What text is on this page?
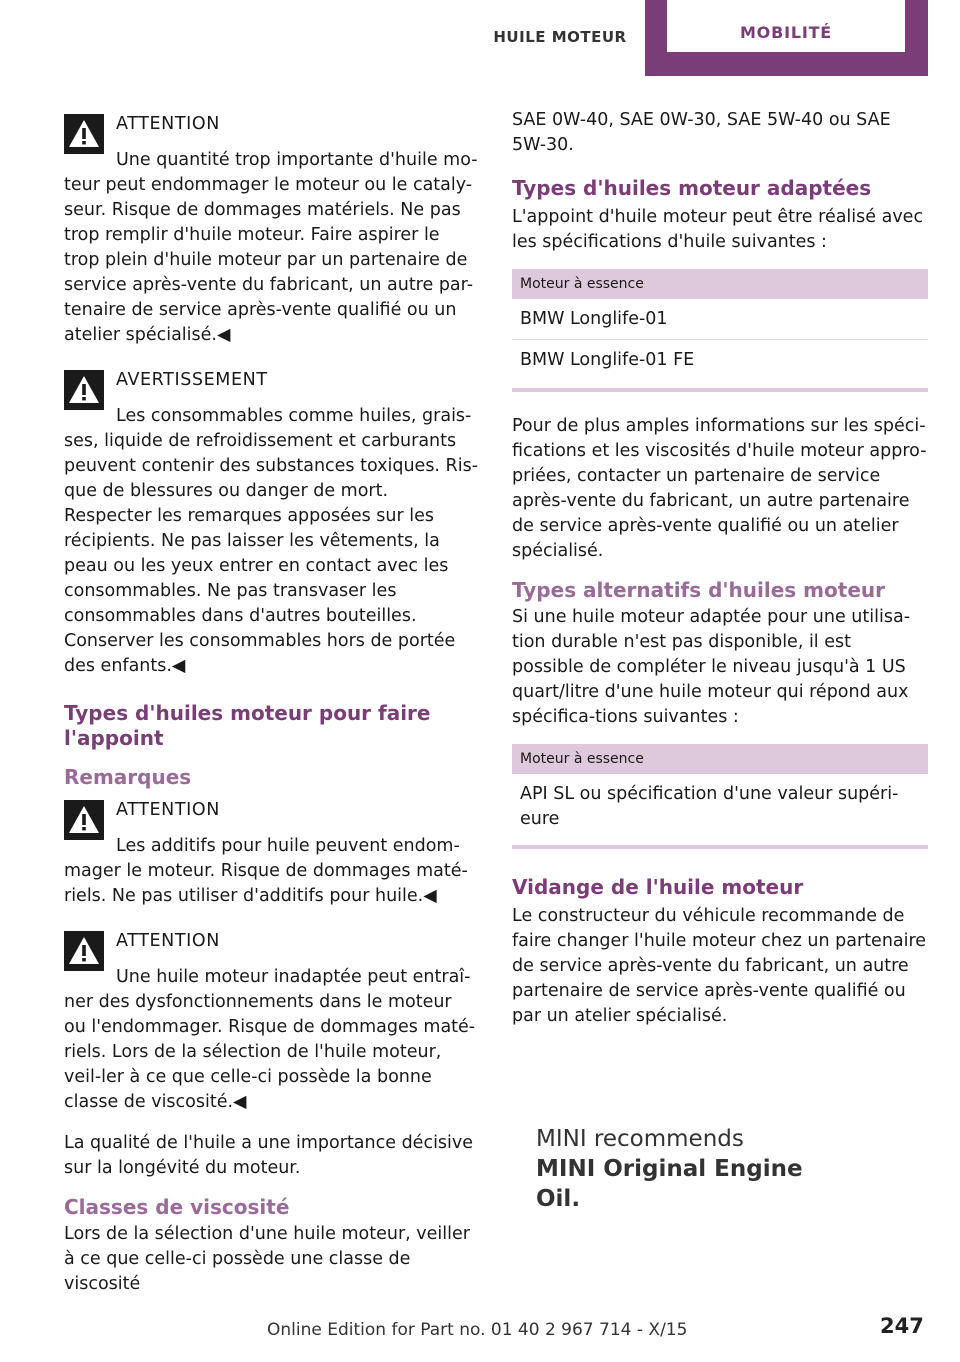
HUILE MOTEUR	MOBILITÉ
ATTENTION

Une quantité trop importante d'huile mo-

teur peut endommager le moteur ou le cataly-seur. Risque de dommages matériels. Ne pas trop remplir d'huile moteur. Faire aspirer le trop plein d'huile moteur par un partenaire de service après-vente du fabricant, un autre par-tenaire de service après-vente qualifié ou un atelier spécialisé.◀

AVERTISSEMENT

Les consommables comme huiles, grais-

ses, liquide de refroidissement et carburants peuvent contenir des substances toxiques. Ris-que de blessures ou danger de mort. Respecter les remarques apposées sur les récipients. Ne pas laisser les vêtements, la peau ou les yeux entrer en contact avec les consommables. Ne pas transvaser les consommables dans d'autres bouteilles. Conserver les consommables hors de portée des enfants.◀

Types d'huiles moteur pour faire l'appoint
Remarques
ATTENTION

Les additifs pour huile peuvent endom-

mager le moteur. Risque de dommages maté-riels. Ne pas utiliser d'additifs pour huile.◀

ATTENTION

Une huile moteur inadaptée peut entraî-

ner des dysfonctionnements dans le moteur ou l'endommager. Risque de dommages maté-riels. Lors de la sélection de l'huile moteur, veil-ler à ce que celle-ci possède la bonne classe de viscosité.◀

La qualité de l'huile a une importance décisive sur la longévité du moteur.

Classes de viscosité

Lors de la sélection d'une huile moteur, veiller à ce que celle-ci possède une classe de viscosité

SAE 0W-40, SAE 0W-30, SAE 5W-40 ou SAE 5W-30.

Types d'huiles moteur adaptées

L'appoint d'huile moteur peut être réalisé avec les spécifications d'huile suivantes :

Moteur à essence
BMW Longlife-01
BMW Longlife-01 FE

Pour de plus amples informations sur les spéci-fications et les viscosités d'huile moteur appro-priées, contacter un partenaire de service après-vente du fabricant, un autre partenaire de service après-vente qualifié ou un atelier spécialisé.

Types alternatifs d'huiles moteur

Si une huile moteur adaptée pour une utilisa-tion durable n'est pas disponible, il est possible de compléter le niveau jusqu'à 1 US quart/litre d'une huile moteur qui répond aux spécifica-tions suivantes :

Moteur à essence
API SL ou spécification d'une valeur supéri-eure
Vidange de l'huile moteur

Le constructeur du véhicule recommande de faire changer l'huile moteur chez un partenaire de service après-vente du fabricant, un autre partenaire de service après-vente qualifié ou par un atelier spécialisé.

MINI recommends
MINI Original Engine Oil.
Online Edition for Part no. 01 40 2 967 714 - X/15	247
